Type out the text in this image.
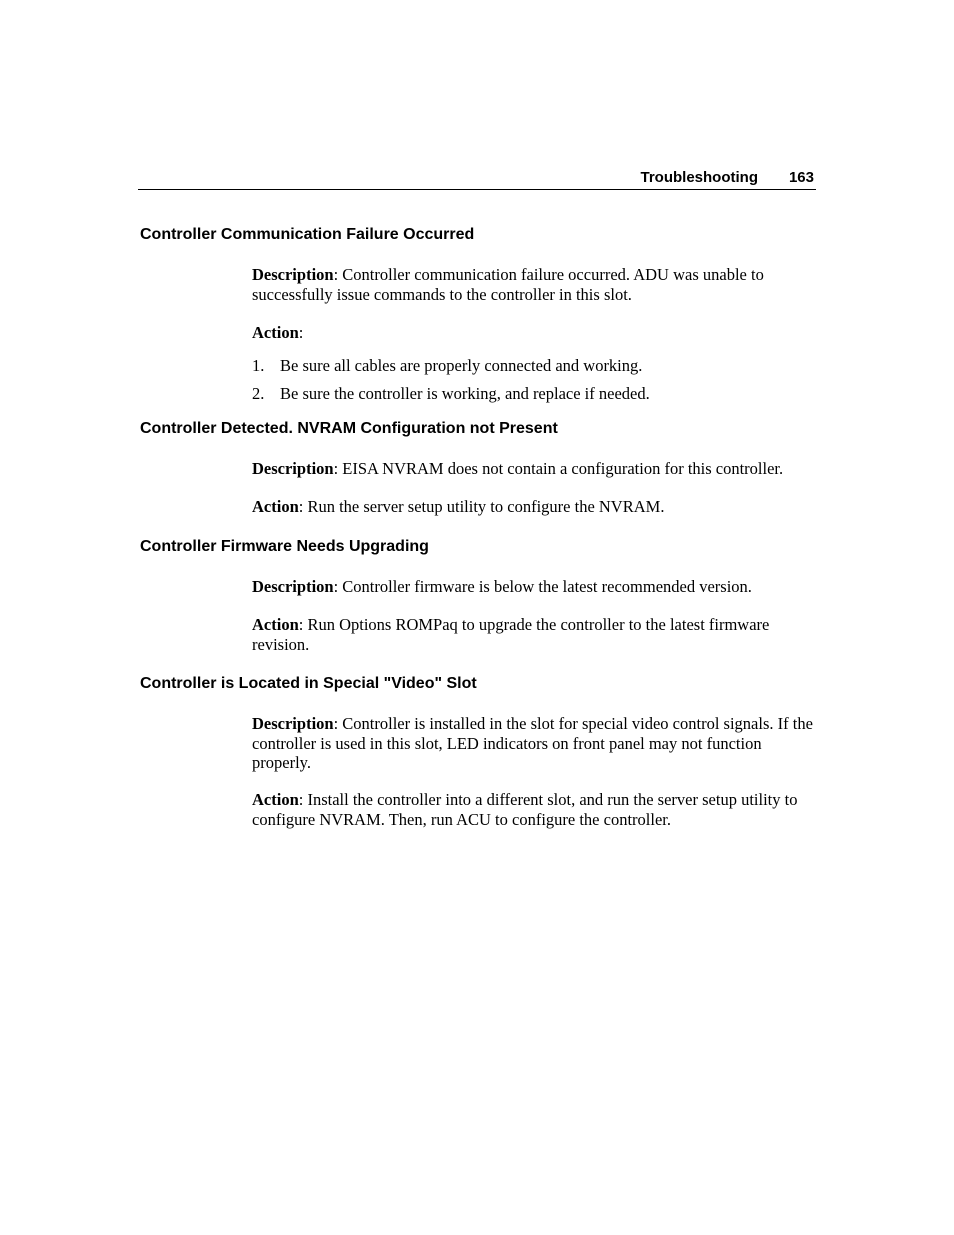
Troubleshooting 163
Controller Communication Failure Occurred
Description: Controller communication failure occurred. ADU was unable to successfully issue commands to the controller in this slot.
Action:
1. Be sure all cables are properly connected and working.
2. Be sure the controller is working, and replace if needed.
Controller Detected. NVRAM Configuration not Present
Description: EISA NVRAM does not contain a configuration for this controller.
Action: Run the server setup utility to configure the NVRAM.
Controller Firmware Needs Upgrading
Description: Controller firmware is below the latest recommended version.
Action: Run Options ROMPaq to upgrade the controller to the latest firmware revision.
Controller is Located in Special "Video" Slot
Description: Controller is installed in the slot for special video control signals. If the controller is used in this slot, LED indicators on front panel may not function properly.
Action: Install the controller into a different slot, and run the server setup utility to configure NVRAM. Then, run ACU to configure the controller.
